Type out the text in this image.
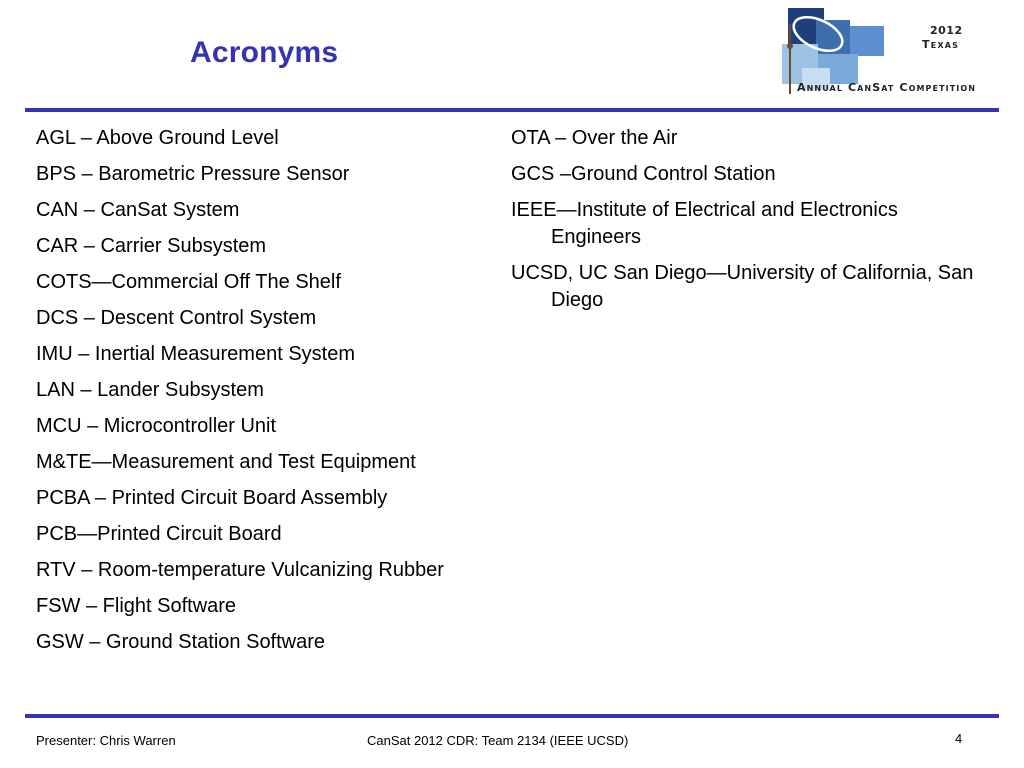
Acronyms
2012
Texas
Annual CanSat Competition
AGL – Above Ground Level
BPS – Barometric Pressure Sensor
CAN – CanSat System
CAR – Carrier Subsystem
COTS—Commercial Off The Shelf
DCS – Descent Control System
IMU – Inertial Measurement System
LAN – Lander Subsystem
MCU – Microcontroller Unit
M&TE—Measurement and Test Equipment
PCBA – Printed Circuit Board Assembly
PCB—Printed Circuit Board
RTV – Room-temperature Vulcanizing Rubber
FSW – Flight Software
GSW – Ground Station Software
OTA – Over the Air
GCS –Ground Control Station
IEEE—Institute of Electrical and Electronics Engineers
UCSD, UC San Diego—University of California, San Diego
Presenter: Chris Warren	CanSat 2012 CDR: Team 2134 (IEEE UCSD)	4
